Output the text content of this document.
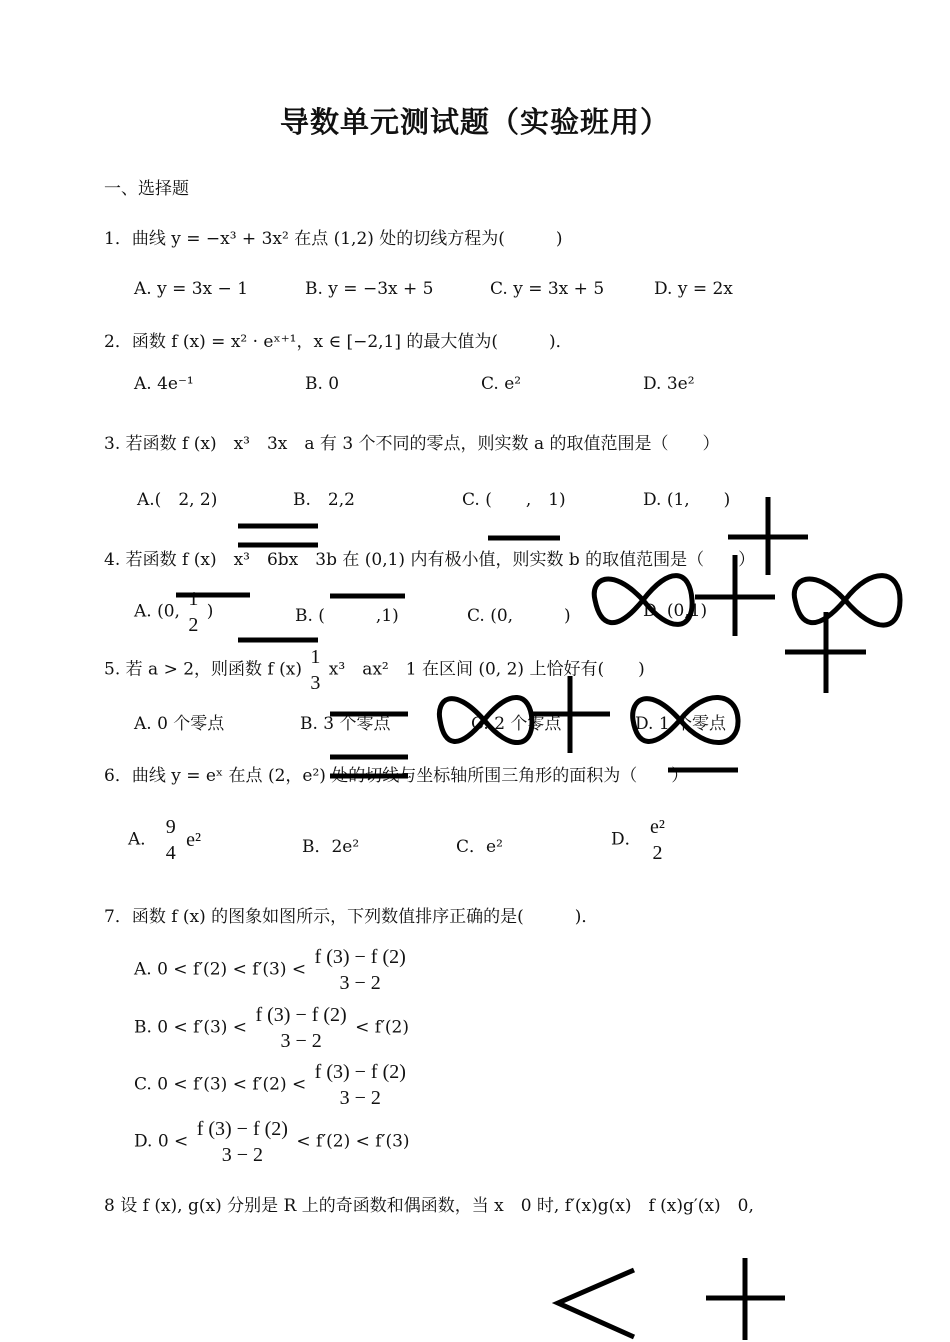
导数单元测试题（实验班用）
一、选择题
1．曲线 y = −x³ + 3x² 在点 (1,2) 处的切线方程为(　　　)
A. y = 3x − 1	B. y = −3x + 5	C. y = 3x + 5	D. y = 2x
2．函数 f (x) = x² · eˣ⁺¹，x ∈ [−2,1] 的最大值为(　　　)．
A. 4e⁻¹	B. 0	C. e²	D. 3e²
3. 若函数 f (x)　x³　3x　a 有 3 个不同的零点，则实数 a 的取值范围是（　　）
A.(　2, 2)	B.　2,2	C. (　　,　1)	D. (1,　　)
4. 若函数 f (x)　x³　6bx　3b 在 (0,1) 内有极小值，则实数 b 的取值范围是（　　）
A. (0,
1
2
)	B. (　　　,1)	C. (0,　　　)	D. (0,1)
5. 若 a > 2，则函数 f (x)
1
3
x³　ax²　1 在区间 (0, 2) 上恰好有(　　)
A. 0 个零点	B. 3 个零点	C. 2 个零点	D. 1 个零点
6．曲线 y = eˣ 在点 (2，e²) 处的切线与坐标轴所围三角形的面积为（　　）
A．
9
4
e²	B．2e²	C．e²	D．
e²
2
7．函数 f (x) 的图象如图所示，下列数值排序正确的是(　　　)．
A. 0 < f′(2) < f′(3) <
f (3) − f (2)
3 − 2
B. 0 < f′(3) <
f (3) − f (2)
3 − 2
< f′(2)
C. 0 < f′(3) < f′(2) <
f (3) − f (2)
3 − 2
D. 0 <
f (3) − f (2)
3 − 2
< f′(2) < f′(3)
8 设 f (x), g(x) 分别是 R 上的奇函数和偶函数，当 x　0 时, f′(x)g(x)　f (x)g′(x)　0,
